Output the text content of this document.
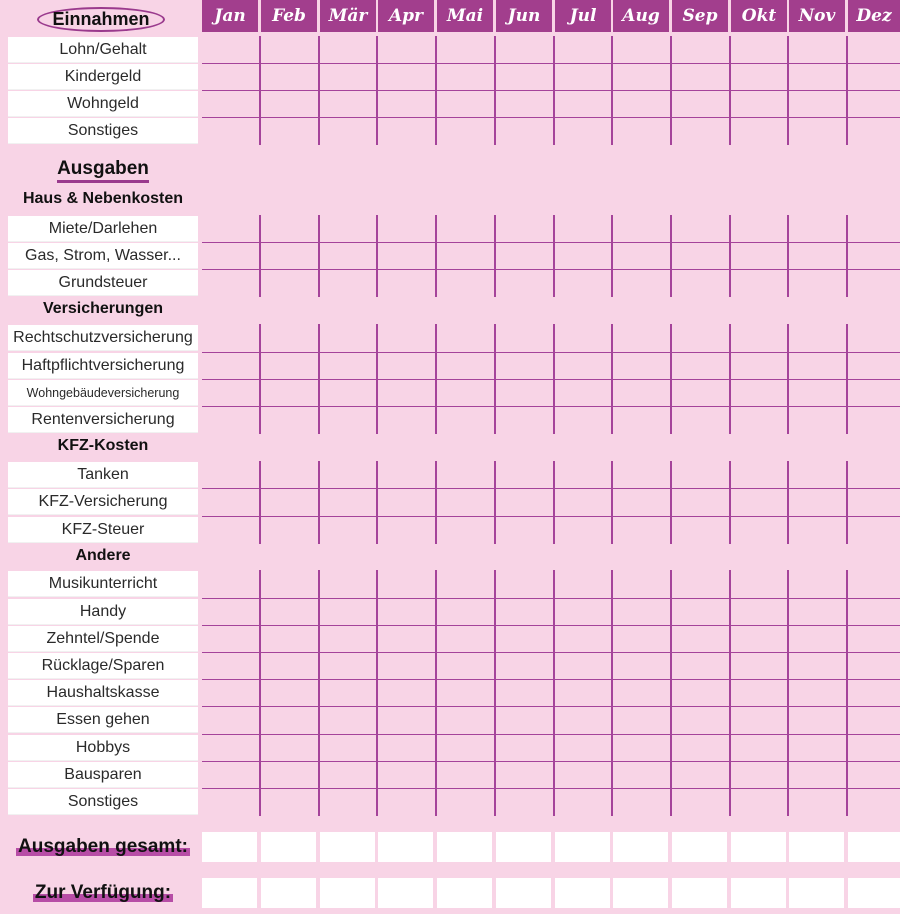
Einnahmen
Ausgaben
Jan	Feb	Mär	Apr	Mai	Jun	Jul	Aug	Sep	Okt	Nov	Dez
Lohn/Gehalt
Kindergeld
Wohngeld
Sonstiges
Haus & Nebenkosten
Miete/Darlehen
Gas, Strom, Wasser...
Grundsteuer
Versicherungen
Rechtschutzversicherung
Haftpflichtversicherung
Wohngebäudeversicherung
Rentenversicherung
KFZ-Kosten
Tanken
KFZ-Versicherung
KFZ-Steuer
Andere
Musikunterricht
Handy
Zehntel/Spende
Rücklage/Sparen
Haushaltskasse
Essen gehen
Hobbys
Bausparen
Sonstiges
Ausgaben gesamt:
Zur Verfügung:
